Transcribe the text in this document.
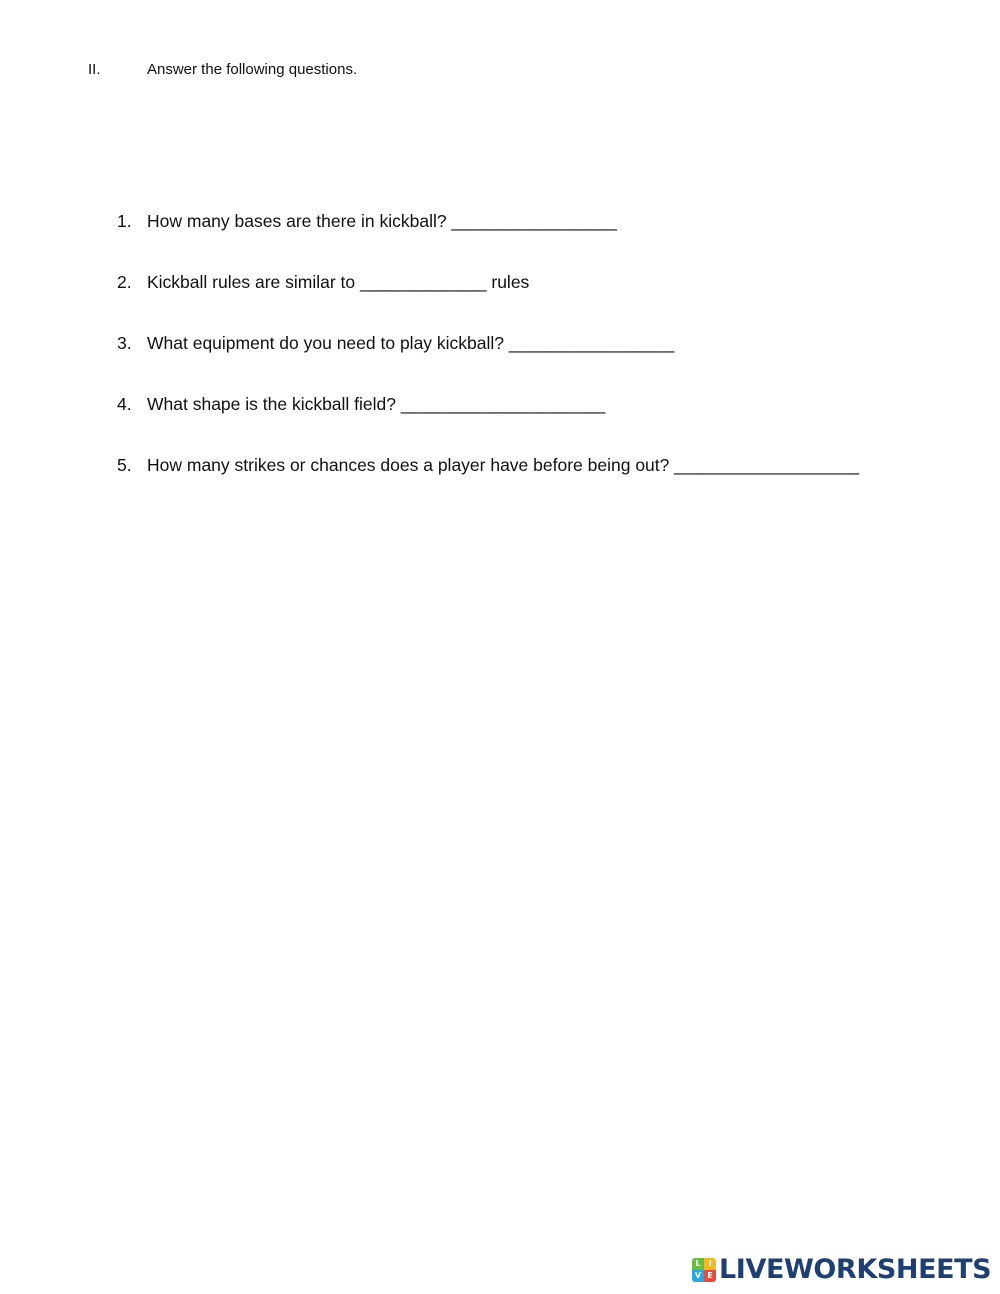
II.	Answer the following questions.
1. How many bases are there in kickball? _________________
2. Kickball rules are similar to _____________ rules
3. What equipment do you need to play kickball? _________________
4. What shape is the kickball field? _____________________
5. How many strikes or chances does a player have before being out? ___________________
L I
V E LIVEWORKSHEETS
